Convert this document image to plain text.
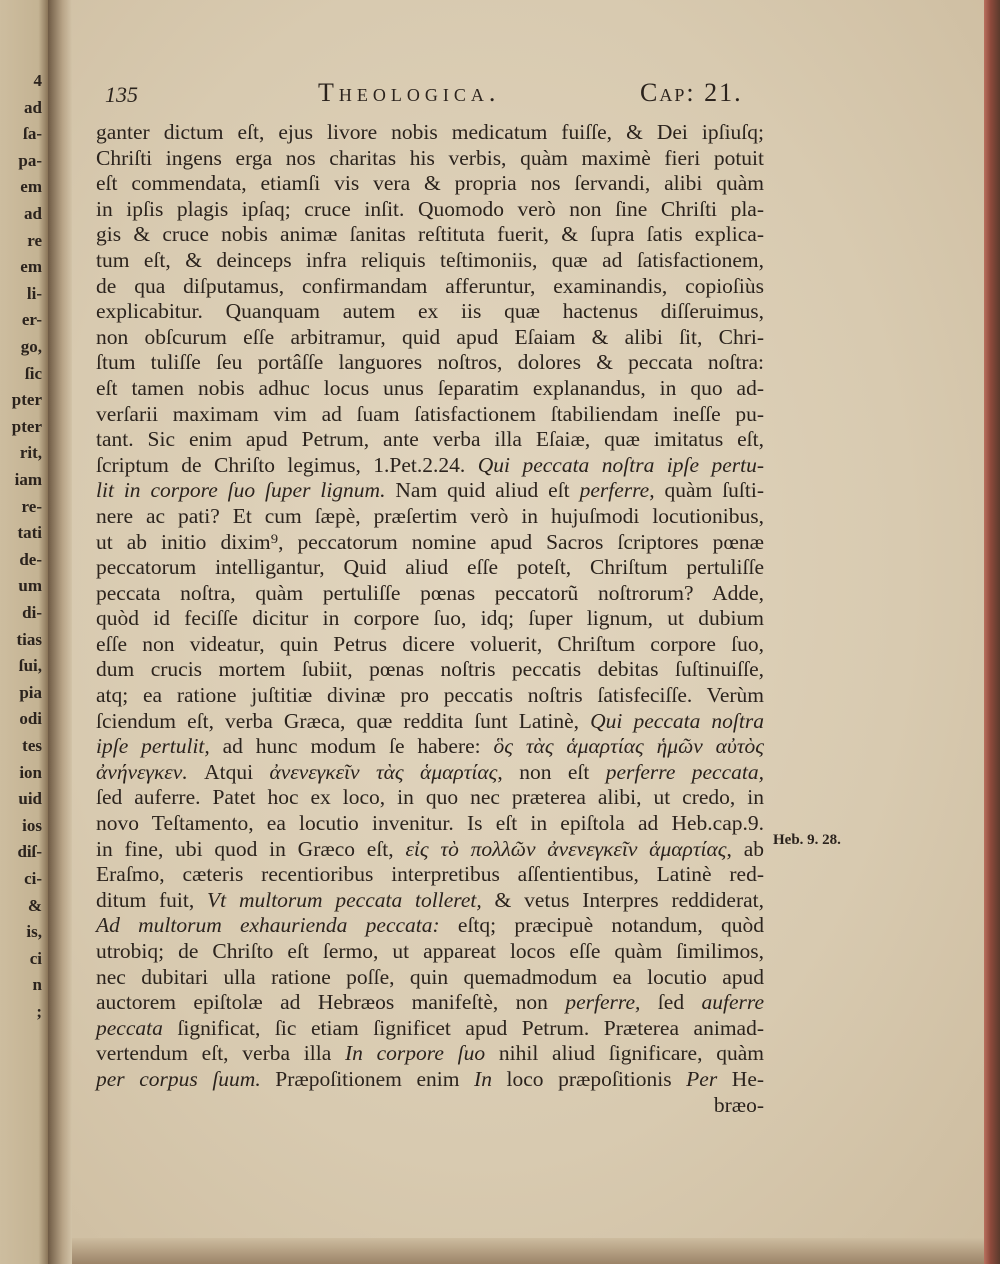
4
ad
ſa-
pa-
em
ad
re
em
li-
er-
go,
ſic
pter
pter
rit,
iam
re-
tati
de-
um
di-
tias
ſui,
pia
odi
tes
ion
uid
ios
diſ-
ci-
&
is,
ci
n
;
135	Theologica.	Cap: 21.
ganter dictum eſt, ejus livore nobis medicatum fuiſſe, & Dei ipſiuſq;
Chriſti ingens erga nos charitas his verbis, quàm maximè fieri potuit
eſt commendata, etiamſi vis vera & propria nos ſervandi, alibi quàm
in ipſis plagis ipſaq; cruce inſit. Quomodo verò non ſine Chriſti pla-
gis & cruce nobis animæ ſanitas reſtituta fuerit, & ſupra ſatis explica-
tum eſt, & deinceps infra reliquis teſtimoniis, quæ ad ſatisfactionem,
de qua diſputamus, confirmandam afferuntur, examinandis, copioſiùs
explicabitur. Quanquam autem ex iis quæ hactenus diſſeruimus,
non obſcurum eſſe arbitramur, quid apud Eſaiam & alibi ſit, Chri-
ſtum tuliſſe ſeu portâſſe languores noſtros, dolores & peccata noſtra:
eſt tamen nobis adhuc locus unus ſeparatim explanandus, in quo ad-
verſarii maximam vim ad ſuam ſatisfactionem ſtabiliendam ineſſe pu-
tant. Sic enim apud Petrum, ante verba illa Eſaiæ, quæ imitatus eſt,
ſcriptum de Chriſto legimus, 1.Pet.2.24. Qui peccata noſtra ipſe pertu-
lit in corpore ſuo ſuper lignum. Nam quid aliud eſt perferre, quàm ſuſti-
nere ac pati? Et cum ſæpè, præſertim verò in hujuſmodi locutionibus,
ut ab initio dixim⁹, peccatorum nomine apud Sacros ſcriptores pœnæ
peccatorum intelligantur, Quid aliud eſſe poteſt, Chriſtum pertuliſſe
peccata noſtra, quàm pertuliſſe pœnas peccatorũ noſtrorum? Adde,
quòd id feciſſe dicitur in corpore ſuo, idq; ſuper lignum, ut dubium
eſſe non videatur, quin Petrus dicere voluerit, Chriſtum corpore ſuo,
dum crucis mortem ſubiit, pœnas noſtris peccatis debitas ſuſtinuiſſe,
atq; ea ratione juſtitiæ divinæ pro peccatis noſtris ſatisfeciſſe. Verùm
ſciendum eſt, verba Græca, quæ reddita ſunt Latinè, Qui peccata noſtra
ipſe pertulit, ad hunc modum ſe habere: ὃς τὰς ἁμαρτίας ἡμῶν αὐτὸς
ἀνήνεγκεν. Atqui ἀνενεγκεῖν τὰς ἁμαρτίας, non eſt perferre peccata,
ſed auferre. Patet hoc ex loco, in quo nec præterea alibi, ut credo, in
novo Teſtamento, ea locutio invenitur. Is eſt in epiſtola ad Heb.cap.9.
in fine, ubi quod in Græco eſt, εἰς τὸ πολλῶν ἀνενεγκεῖν ἁμαρτίας, ab
Eraſmo, cæteris recentioribus interpretibus aſſentientibus, Latinè red-
ditum fuit, Vt multorum peccata tolleret, & vetus Interpres reddiderat,
Ad multorum exhaurienda peccata: eſtq; præcipuè notandum, quòd
utrobiq; de Chriſto eſt ſermo, ut appareat locos eſſe quàm ſimilimos,
nec dubitari ulla ratione poſſe, quin quemadmodum ea locutio apud
auctorem epiſtolæ ad Hebræos manifeſtè, non perferre, ſed auferre
peccata ſignificat, ſic etiam ſignificet apud Petrum. Præterea animad-
vertendum eſt, verba illa In corpore ſuo nihil aliud ſignificare, quàm
per corpus ſuum. Præpoſitionem enim In loco præpoſitionis Per He-
bræo-
Heb. 9. 28.
